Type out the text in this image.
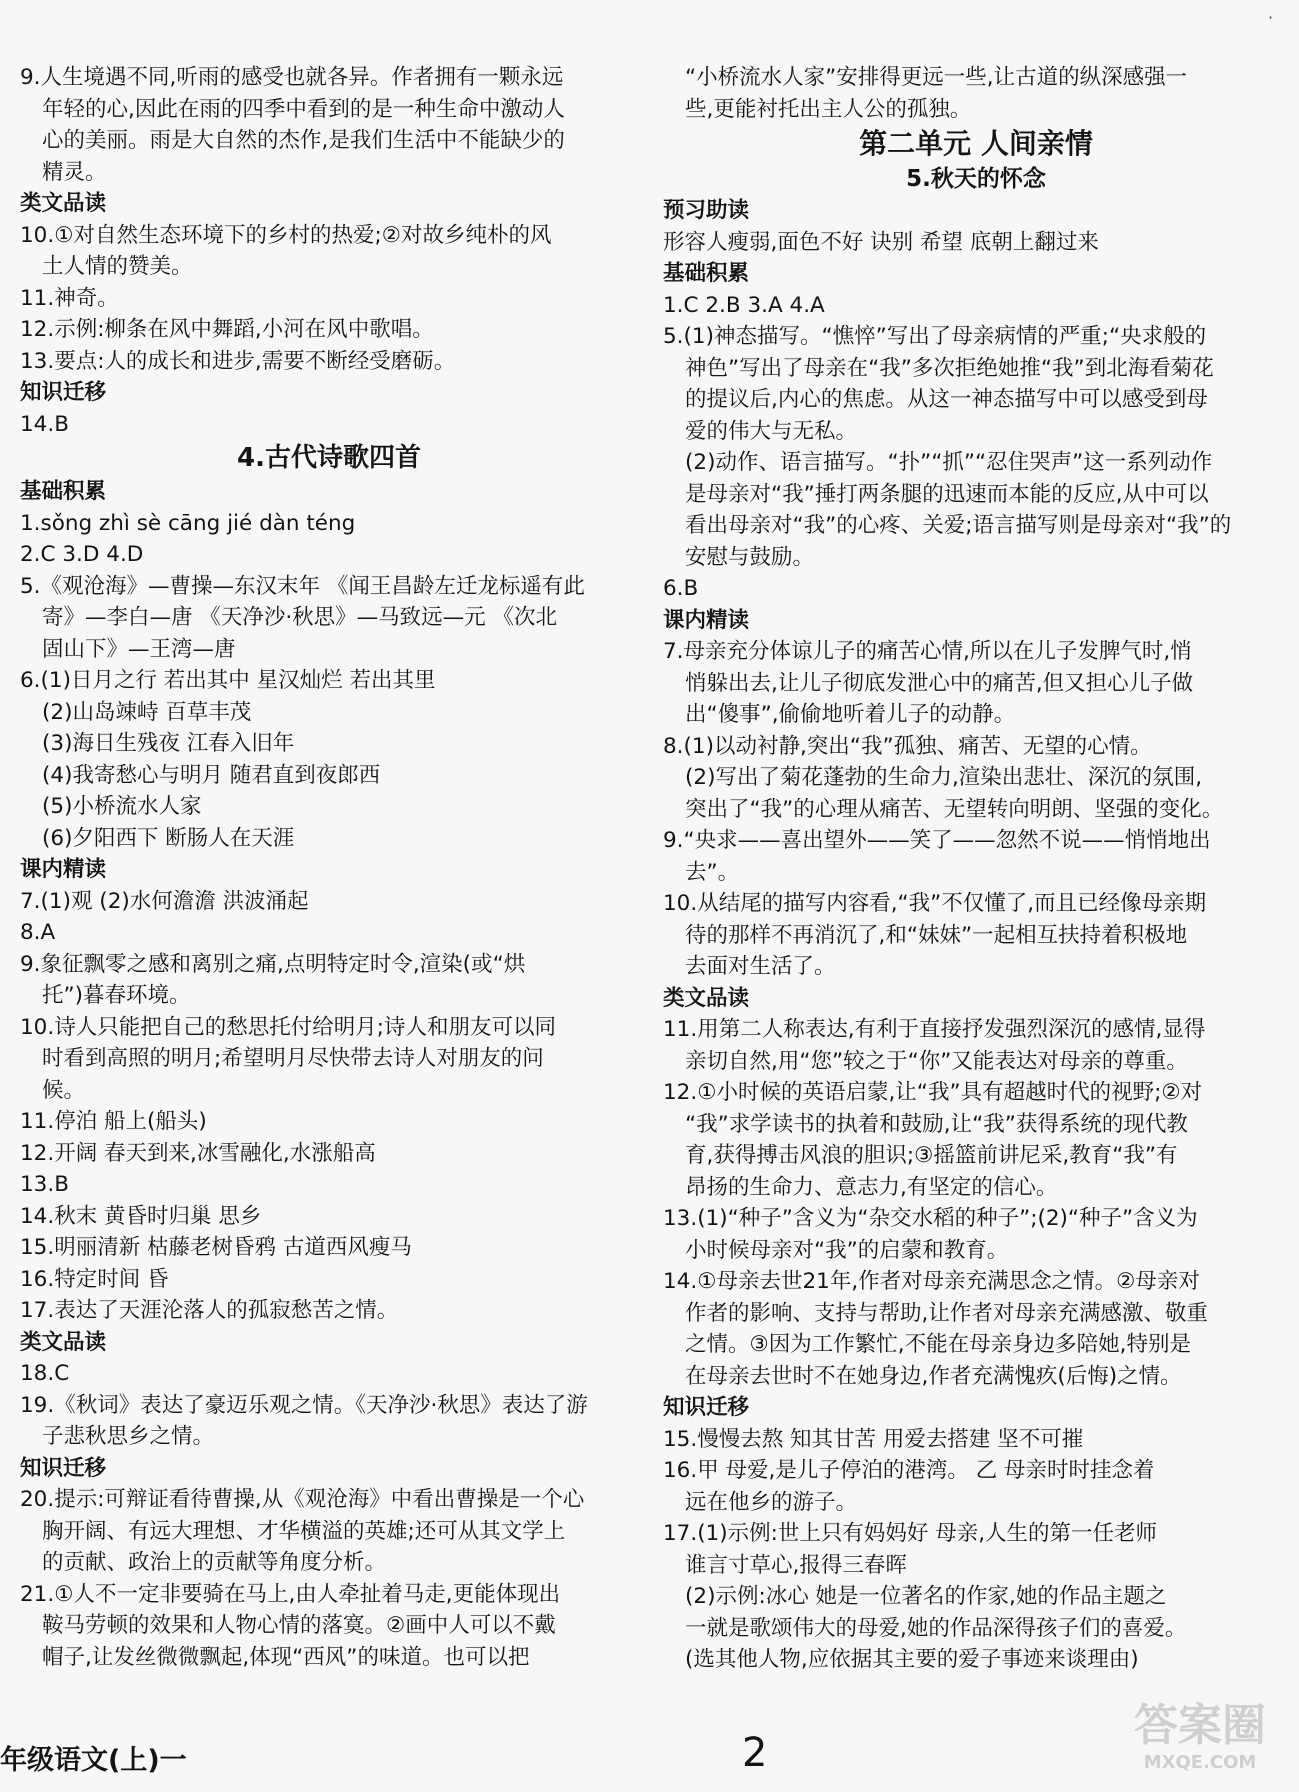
9.人生境遇不同,听雨的感受也就各异。作者拥有一颗永远
年轻的心,因此在雨的四季中看到的是一种生命中激动人
心的美丽。雨是大自然的杰作,是我们生活中不能缺少的
精灵。
类文品读
10.①对自然生态环境下的乡村的热爱;②对故乡纯朴的风
土人情的赞美。
11.神奇。
12.示例:柳条在风中舞蹈,小河在风中歌唱。
13.要点:人的成长和进步,需要不断经受磨砺。
知识迁移
14.B
4.古代诗歌四首
基础积累
1.sǒng zhì sè cāng jié dàn téng
2.C 3.D 4.D
5.《观沧海》—曹操—东汉末年 《闻王昌龄左迁龙标遥有此
寄》—李白—唐 《天净沙·秋思》—马致远—元 《次北
固山下》—王湾—唐
6.(1)日月之行 若出其中 星汉灿烂 若出其里
(2)山岛竦峙 百草丰茂
(3)海日生残夜 江春入旧年
(4)我寄愁心与明月 随君直到夜郎西
(5)小桥流水人家
(6)夕阳西下 断肠人在天涯
课内精读
7.(1)观 (2)水何澹澹 洪波涌起
8.A
9.象征飘零之感和离别之痛,点明特定时令,渲染(或“烘
托”)暮春环境。
10.诗人只能把自己的愁思托付给明月;诗人和朋友可以同
时看到高照的明月;希望明月尽快带去诗人对朋友的问
候。
11.停泊 船上(船头)
12.开阔 春天到来,冰雪融化,水涨船高
13.B
14.秋末 黄昏时归巢 思乡
15.明丽清新 枯藤老树昏鸦 古道西风瘦马
16.特定时间 昏
17.表达了天涯沦落人的孤寂愁苦之情。
类文品读
18.C
19.《秋词》表达了豪迈乐观之情。《天净沙·秋思》表达了游
子悲秋思乡之情。
知识迁移
20.提示:可辩证看待曹操,从《观沧海》中看出曹操是一个心
胸开阔、有远大理想、才华横溢的英雄;还可从其文学上
的贡献、政治上的贡献等角度分析。
21.①人不一定非要骑在马上,由人牵扯着马走,更能体现出
鞍马劳顿的效果和人物心情的落寞。②画中人可以不戴
帽子,让发丝微微飘起,体现“西风”的味道。也可以把
“小桥流水人家”安排得更远一些,让古道的纵深感强一
些,更能衬托出主人公的孤独。
第二单元 人间亲情
5.秋天的怀念
预习助读
形容人瘦弱,面色不好 诀别 希望 底朝上翻过来
基础积累
1.C 2.B 3.A 4.A
5.(1)神态描写。“憔悴”写出了母亲病情的严重;“央求般的
神色”写出了母亲在“我”多次拒绝她推“我”到北海看菊花
的提议后,内心的焦虑。从这一神态描写中可以感受到母
爱的伟大与无私。
(2)动作、语言描写。“扑”“抓”“忍住哭声”这一系列动作
是母亲对“我”捶打两条腿的迅速而本能的反应,从中可以
看出母亲对“我”的心疼、关爱;语言描写则是母亲对“我”的
安慰与鼓励。
6.B
课内精读
7.母亲充分体谅儿子的痛苦心情,所以在儿子发脾气时,悄
悄躲出去,让儿子彻底发泄心中的痛苦,但又担心儿子做
出“傻事”,偷偷地听着儿子的动静。
8.(1)以动衬静,突出“我”孤独、痛苦、无望的心情。
(2)写出了菊花蓬勃的生命力,渲染出悲壮、深沉的氛围,
突出了“我”的心理从痛苦、无望转向明朗、坚强的变化。
9.“央求——喜出望外——笑了——忽然不说——悄悄地出
去”。
10.从结尾的描写内容看,“我”不仅懂了,而且已经像母亲期
待的那样不再消沉了,和“妹妹”一起相互扶持着积极地
去面对生活了。
类文品读
11.用第二人称表达,有利于直接抒发强烈深沉的感情,显得
亲切自然,用“您”较之于“你”又能表达对母亲的尊重。
12.①小时候的英语启蒙,让“我”具有超越时代的视野;②对
“我”求学读书的执着和鼓励,让“我”获得系统的现代教
育,获得搏击风浪的胆识;③摇篮前讲尼采,教育“我”有
昂扬的生命力、意志力,有坚定的信心。
13.(1)“种子”含义为“杂交水稻的种子”;(2)“种子”含义为
小时候母亲对“我”的启蒙和教育。
14.①母亲去世21年,作者对母亲充满思念之情。②母亲对
作者的影响、支持与帮助,让作者对母亲充满感激、敬重
之情。③因为工作繁忙,不能在母亲身边多陪她,特别是
在母亲去世时不在她身边,作者充满愧疚(后悔)之情。
知识迁移
15.慢慢去熬 知其甘苦 用爱去搭建 坚不可摧
16.甲 母爱,是儿子停泊的港湾。 乙 母亲时时挂念着
远在他乡的游子。
17.(1)示例:世上只有妈妈好 母亲,人生的第一任老师
谁言寸草心,报得三春晖
(2)示例:冰心 她是一位著名的作家,她的作品主题之
一就是歌颂伟大的母爱,她的作品深得孩子们的喜爱。
(选其他人物,应依据其主要的爱子事迹来谈理由)
年级语文(上)一	2
答案圈
MXQE.COM
·
